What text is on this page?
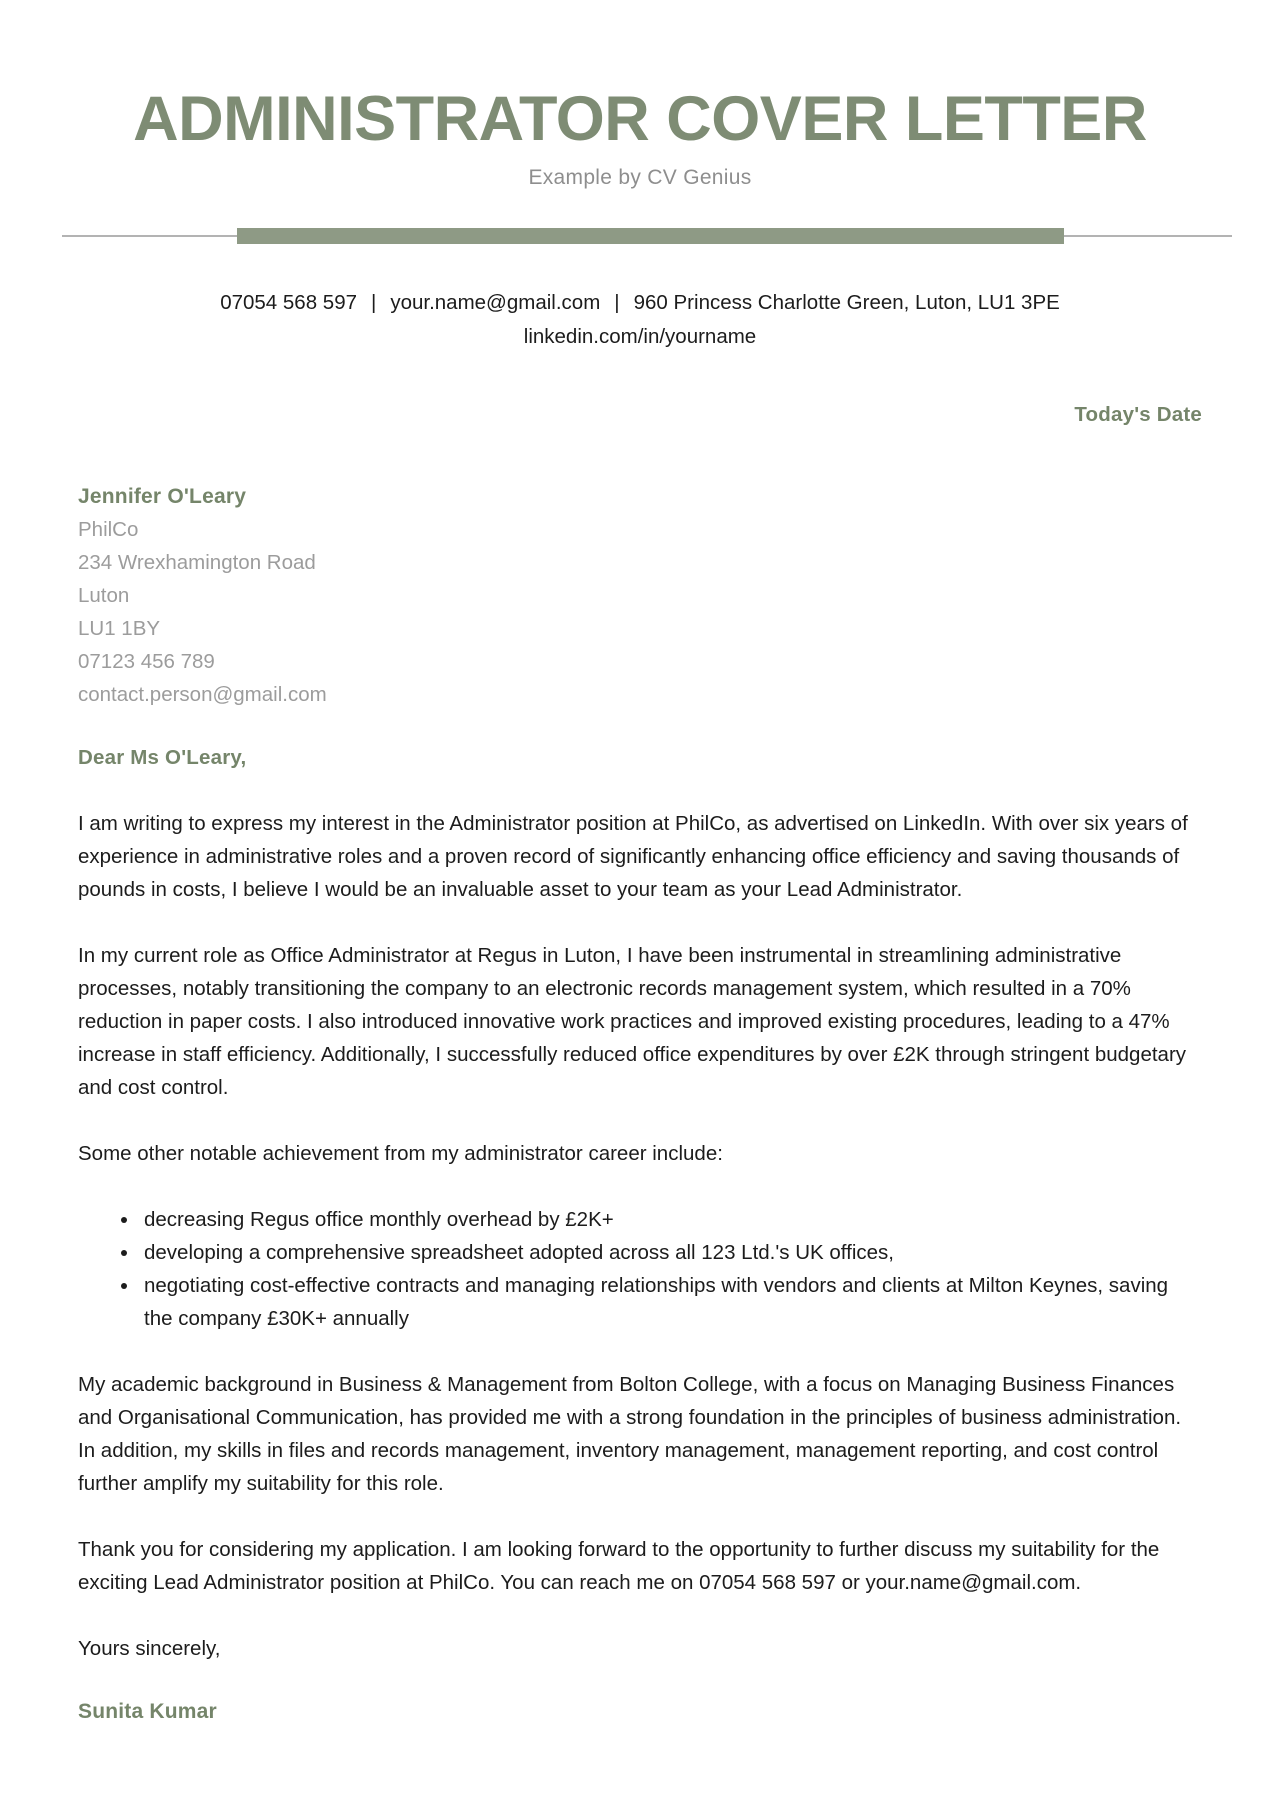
ADMINISTRATOR COVER LETTER
Example by CV Genius
07054 568 597 | your.name@gmail.com | 960 Princess Charlotte Green, Luton, LU1 3PE
linkedin.com/in/yourname
Today's Date
Jennifer O'Leary
PhilCo
234 Wrexhamington Road
Luton
LU1 1BY
07123 456 789
contact.person@gmail.com
Dear Ms O'Leary,

I am writing to express my interest in the Administrator position at PhilCo, as advertised on LinkedIn. With over six years of experience in administrative roles and a proven record of significantly enhancing office efficiency and saving thousands of pounds in costs, I believe I would be an invaluable asset to your team as your Lead Administrator.

In my current role as Office Administrator at Regus in Luton, I have been instrumental in streamlining administrative processes, notably transitioning the company to an electronic records management system, which resulted in a 70% reduction in paper costs. I also introduced innovative work practices and improved existing procedures, leading to a 47% increase in staff efficiency. Additionally, I successfully reduced office expenditures by over £2K through stringent budgetary and cost control.

Some other notable achievement from my administrator career include:

• decreasing Regus office monthly overhead by £2K+
• developing a comprehensive spreadsheet adopted across all 123 Ltd.'s UK offices,
• negotiating cost-effective contracts and managing relationships with vendors and clients at Milton Keynes, saving the company £30K+ annually

My academic background in Business & Management from Bolton College, with a focus on Managing Business Finances and Organisational Communication, has provided me with a strong foundation in the principles of business administration. In addition, my skills in files and records management, inventory management, management reporting, and cost control further amplify my suitability for this role.

Thank you for considering my application. I am looking forward to the opportunity to further discuss my suitability for the exciting Lead Administrator position at PhilCo. You can reach me on 07054 568 597 or your.name@gmail.com.

Yours sincerely,
Sunita Kumar
